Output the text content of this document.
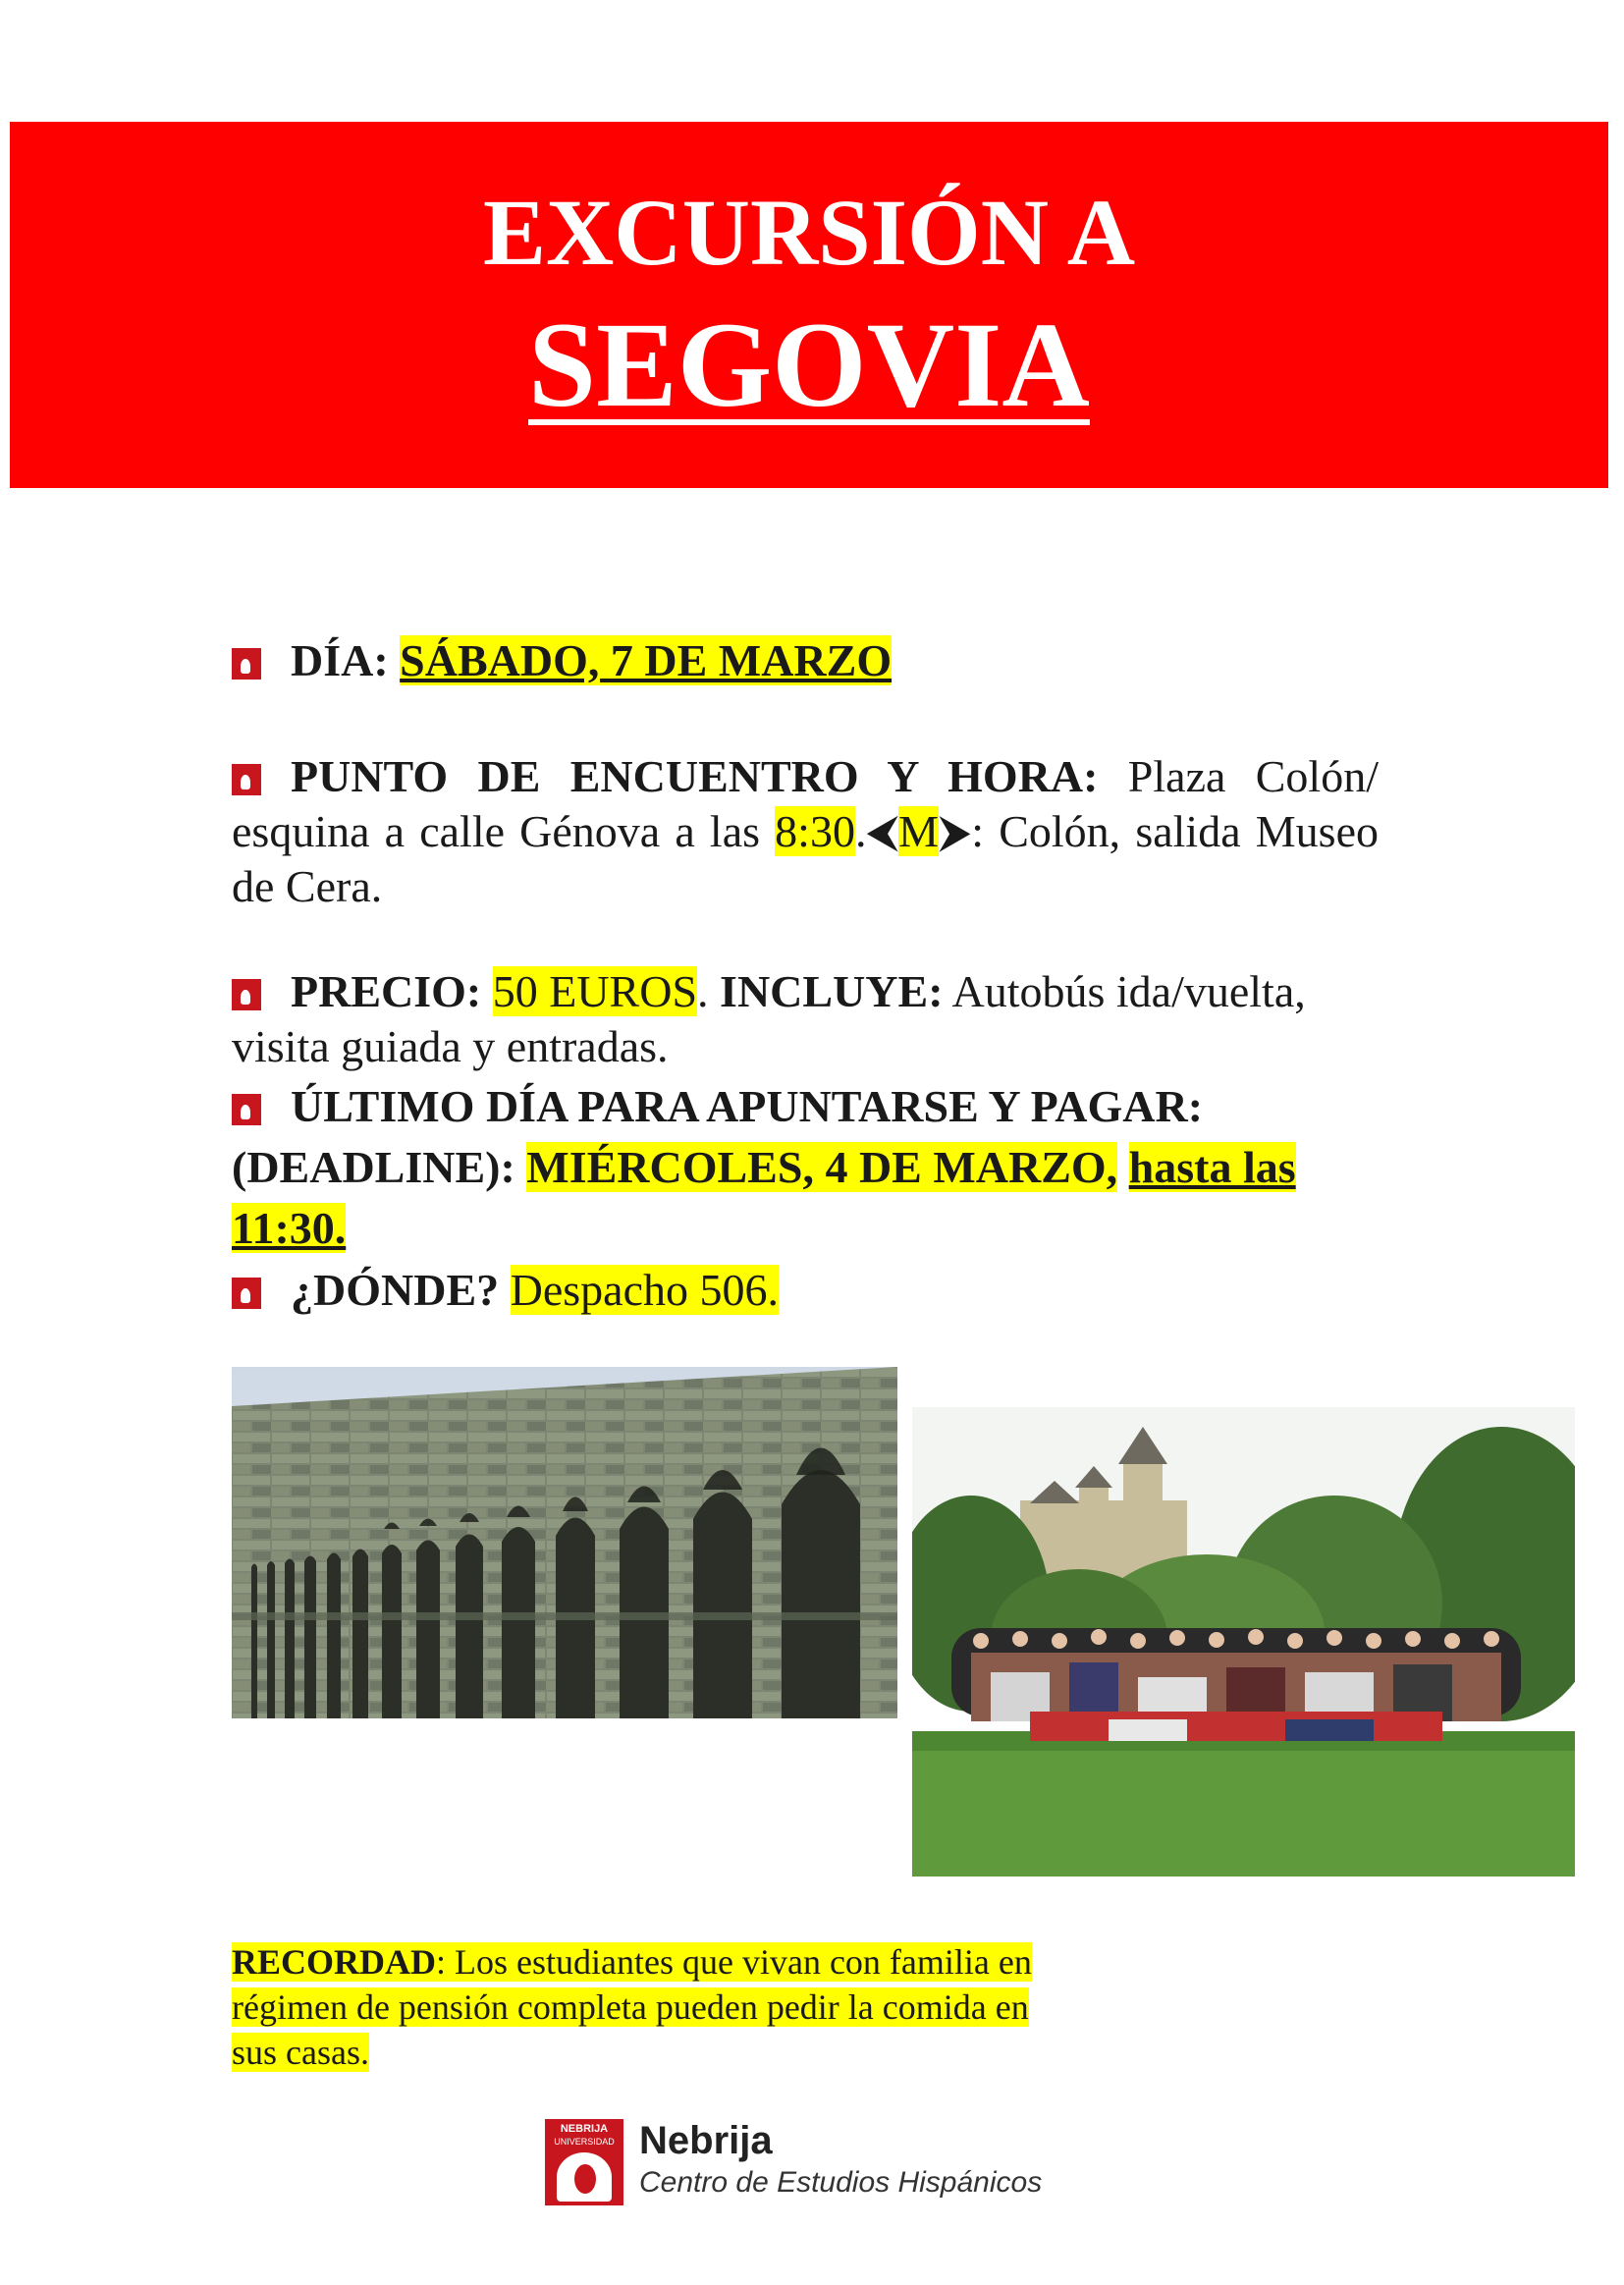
EXCURSIÓN A
SEGOVIA
DÍA: SÁBADO, 7 DE MARZO
PUNTO DE ENCUENTRO Y HORA: Plaza Colón/ esquina a calle Génova a las 8:30.⮜M⮞: Colón, salida Museo de Cera.
PRECIO: 50 EUROS. INCLUYE: Autobús ida/vuelta, visita guiada y entradas.
ÚLTIMO DÍA PARA APUNTARSE Y PAGAR: (DEADLINE): MIÉRCOLES, 4 DE MARZO, hasta las 11:30.
¿DÓNDE? Despacho 506.
RECORDAD: Los estudiantes que vivan con familia en régimen de pensión completa pueden pedir la comida en sus casas.
NEBRIJA
UNIVERSIDAD Nebrija
Centro de Estudios Hispánicos
